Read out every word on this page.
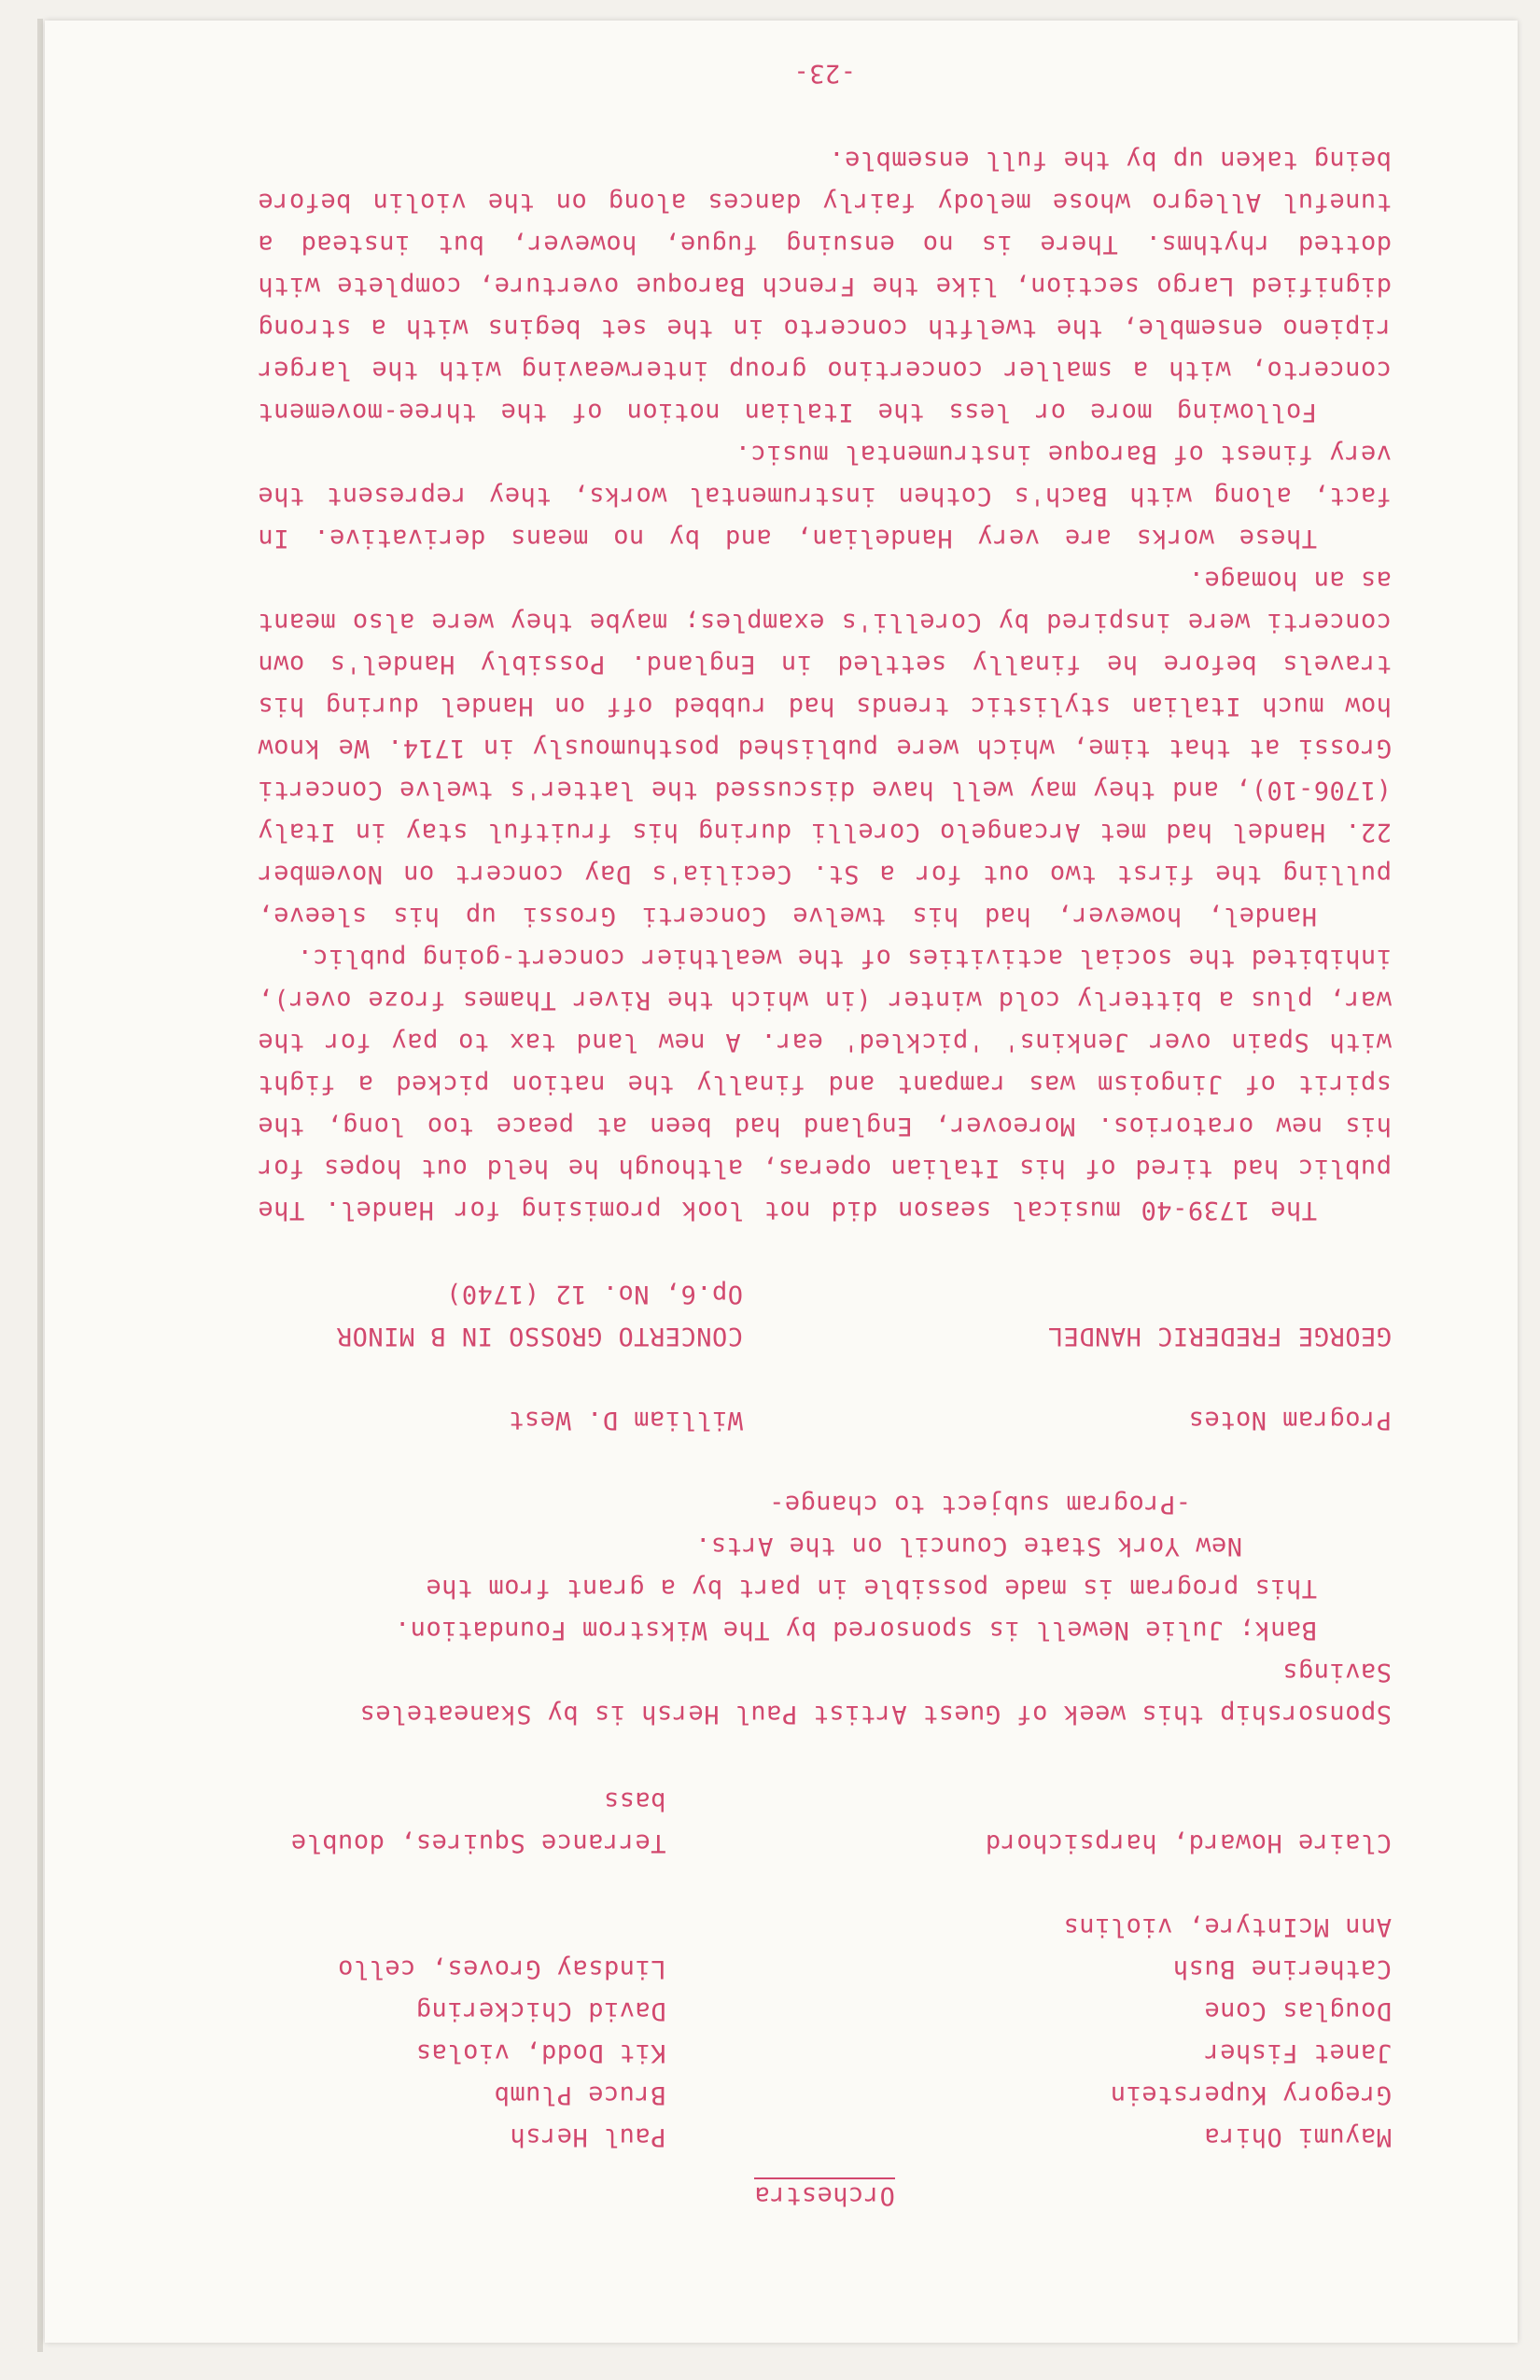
Orchestra
Mayumi Ohira
Gregory Kuperstein
Janet Fisher
Douglas Cone
Catherine Bush
Ann McIntyre, violins
Paul Hersh
Bruce Plumb
Kit Dodd, violas
David Chickering
Lindsay Groves, cello
Claire Howard, harpsichord
Terrance Squires, double bass
Sponsorship this week of Guest Artist Paul Hersh is by Skaneateles Savings
Bank; Julie Newell is sponsored by The Wikstrom Foundation.
This program is made possible in part by a grant from the
New York State Council on the Arts.
-Program subject to change-
Program Notes
William D. West
GEORGE FREDERIC HANDEL
CONCERTO GROSSO IN B MINOR
Op.6, No. 12 (1740)
The 1739-40 musical season did not look promising for Handel. The public had tired of his Italian operas, although he held out hopes for his new oratorios. Moreover, England had been at peace too long, the spirit of Jingoism was rampant and finally the nation picked a fight with Spain over Jenkins' 'pickled' ear. A new land tax to pay for the war, plus a bitterly cold winter (in which the River Thames froze over), inhibited the social activities of the wealthier concert-going public.
Handel, however, had his twelve Concerti Grossi up his sleeve, pulling the first two out for a St. Cecilia's Day concert on November 22. Handel had met Arcangelo Corelli during his fruitful stay in Italy (1706-10), and they may well have discussed the latter's twelve Concerti Grossi at that time, which were published posthumously in 1714. We know how much Italian stylistic trends had rubbed off on Handel during his travels before he finally settled in England. Possibly Handel's own concerti were inspired by Corelli's examples; maybe they were also meant as an homage.
These works are very Handelian, and by no means derivative. In fact, along with Bach's Cothen instrumental works, they represent the very finest of Baroque instrumental music.
Following more or less the Italian notion of the three-movement concerto, with a smaller concertino group interweaving with the larger ripieno ensemble, the twelfth concerto in the set begins with a strong dignified Largo section, like the French Baroque overture, complete with dotted rhythms. There is no ensuing fugue, however, but instead a tuneful Allegro whose melody fairly dances along on the violin before being taken up by the full ensemble.
-23-
